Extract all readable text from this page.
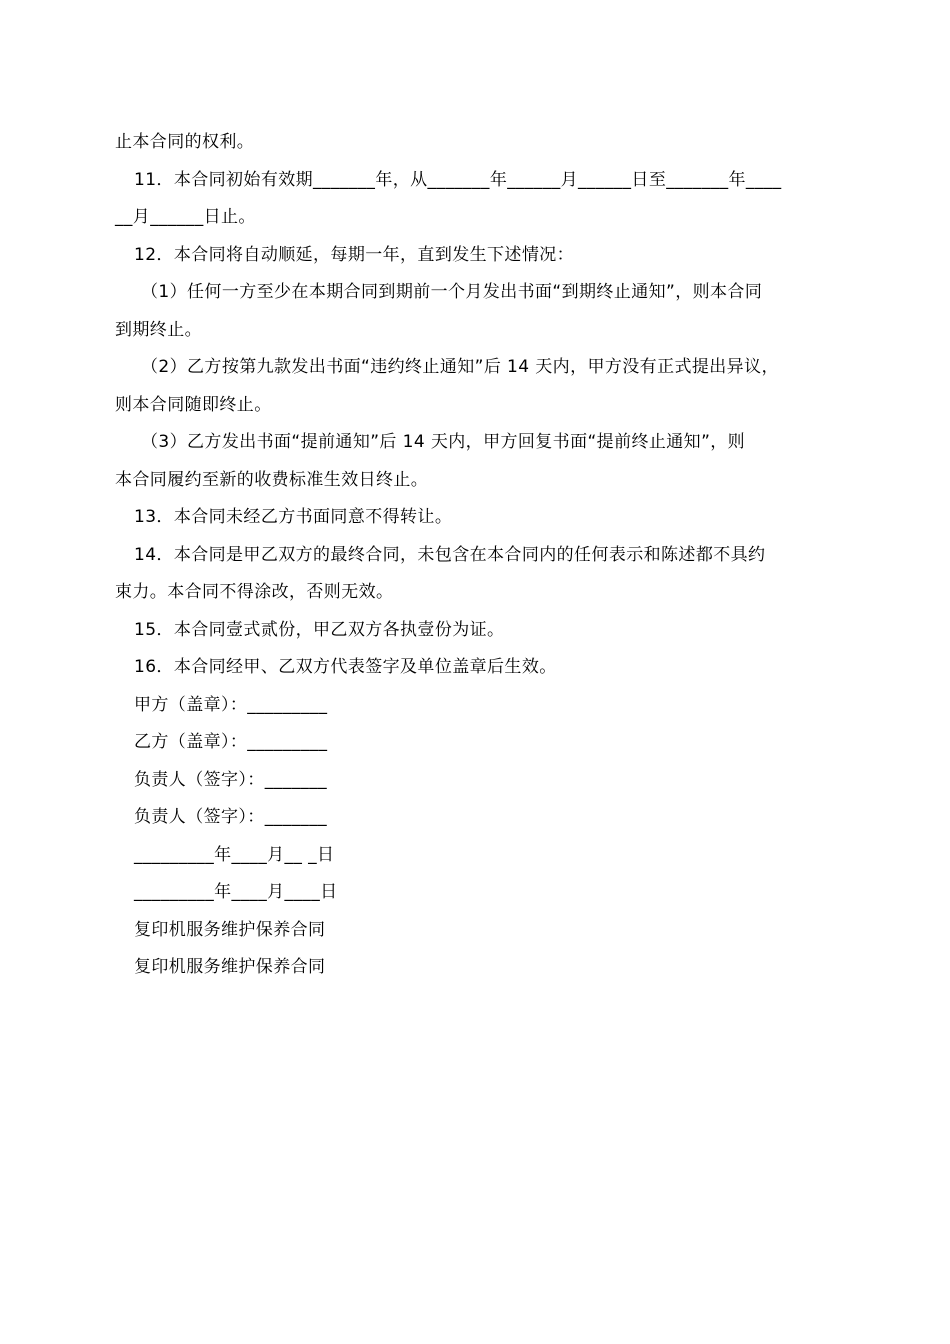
止本合同的权利。
11．本合同初始有效期_______年，从_______年______月______日至_______年____
__月______日止。
12．本合同将自动顺延，每期一年，直到发生下述情况：
（1）任何一方至少在本期合同到期前一个月发出书面“到期终止通知”，则本合同
到期终止。
（2）乙方按第九款发出书面“违约终止通知”后 14 天内，甲方没有正式提出异议，
则本合同随即终止。
（3）乙方发出书面“提前通知”后 14 天内，甲方回复书面“提前终止通知”，则
本合同履约至新的收费标准生效日终止。
13．本合同未经乙方书面同意不得转让。
14．本合同是甲乙双方的最终合同，未包含在本合同内的任何表示和陈述都不具约
束力。本合同不得涂改，否则无效。
15．本合同壹式贰份，甲乙双方各执壹份为证。
16．本合同经甲、乙双方代表签字及单位盖章后生效。
甲方（盖章）：_________
乙方（盖章）：_________
负责人（签字）：_______
负责人（签字）：_______
_________年____月__ _日
_________年____月____日
复印机服务维护保养合同
复印机服务维护保养合同
